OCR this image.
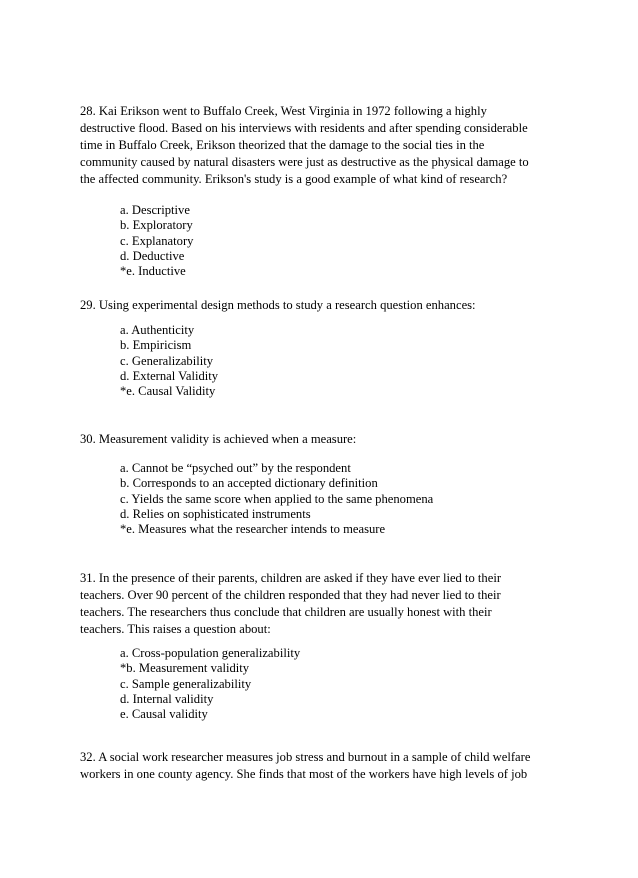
28. Kai Erikson went to Buffalo Creek, West Virginia in 1972 following a highly
destructive flood. Based on his interviews with residents and after spending considerable
time in Buffalo Creek, Erikson theorized that the damage to the social ties in the
community caused by natural disasters were just as destructive as the physical damage to
the affected community. Erikson's study is a good example of what kind of research?

a. Descriptive
b. Exploratory
c. Explanatory
d. Deductive
*e. Inductive

29. Using experimental design methods to study a research question enhances:

a. Authenticity
b. Empiricism
c. Generalizability
d. External Validity
*e. Causal Validity

30. Measurement validity is achieved when a measure:

a. Cannot be “psyched out” by the respondent
b. Corresponds to an accepted dictionary definition
c. Yields the same score when applied to the same phenomena
d. Relies on sophisticated instruments
*e. Measures what the researcher intends to measure

31. In the presence of their parents, children are asked if they have ever lied to their
teachers. Over 90 percent of the children responded that they had never lied to their
teachers. The researchers thus conclude that children are usually honest with their
teachers. This raises a question about:

a. Cross-population generalizability
*b. Measurement validity
c. Sample generalizability
d. Internal validity
e. Causal validity

32. A social work researcher measures job stress and burnout in a sample of child welfare
workers in one county agency. She finds that most of the workers have high levels of job
